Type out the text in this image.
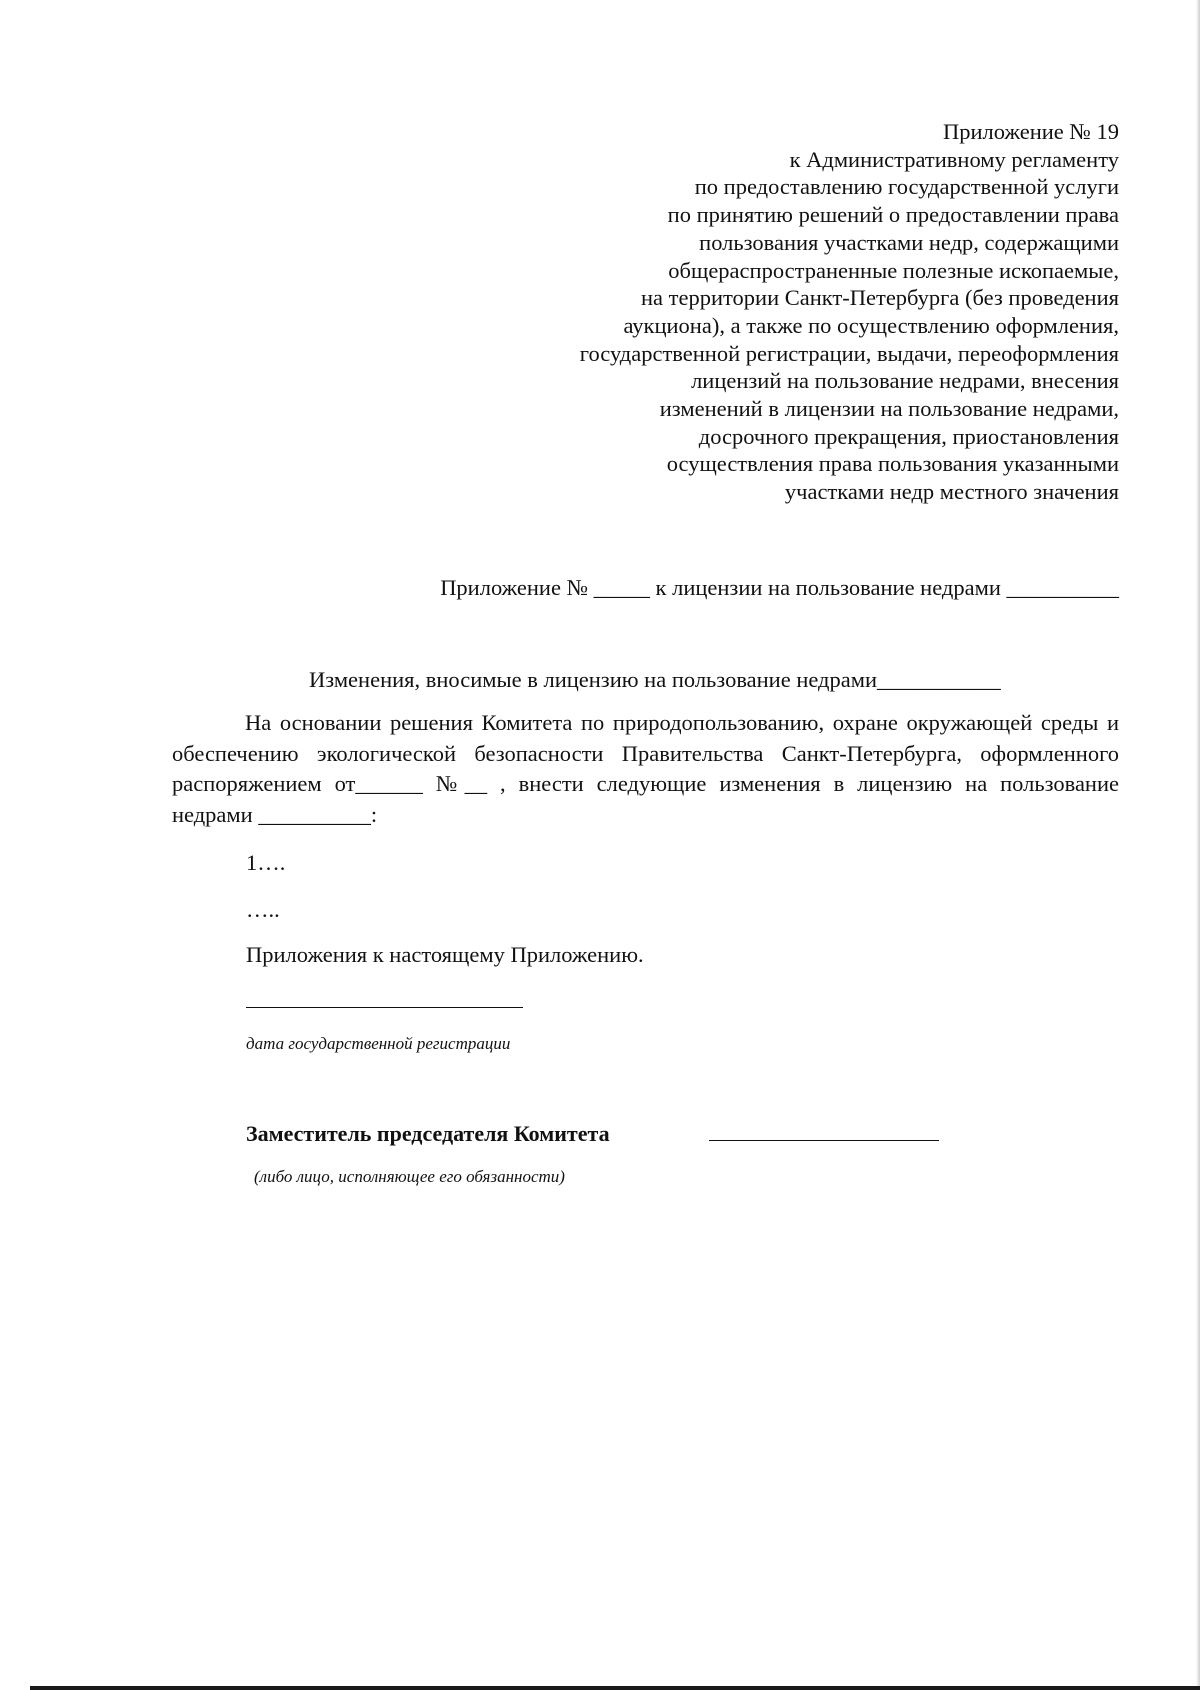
Приложение № 19
к Административному регламенту
по предоставлению государственной услуги
по принятию решений о предоставлении права
пользования участками недр, содержащими
общераспространенные полезные ископаемые,
на территории Санкт-Петербурга (без проведения
аукциона), а также по осуществлению оформления,
государственной регистрации, выдачи, переоформления
лицензий на пользование недрами, внесения
изменений в лицензии на пользование недрами,
досрочного прекращения, приостановления
осуществления права пользования указанными
участками недр местного значения
Приложение № _____ к лицензии на пользование недрами __________
Изменения, вносимые в лицензию на пользование недрами___________
На основании решения Комитета по природопользованию, охране окружающей среды и обеспечению экологической безопасности Правительства Санкт-Петербурга, оформленного распоряжением от______ №__ , внести следующие изменения в лицензию на пользование недрами __________:
1….
…..
Приложения к настоящему Приложению.
дата государственной регистрации
Заместитель председателя Комитета
(либо лицо, исполняющее его обязанности)
